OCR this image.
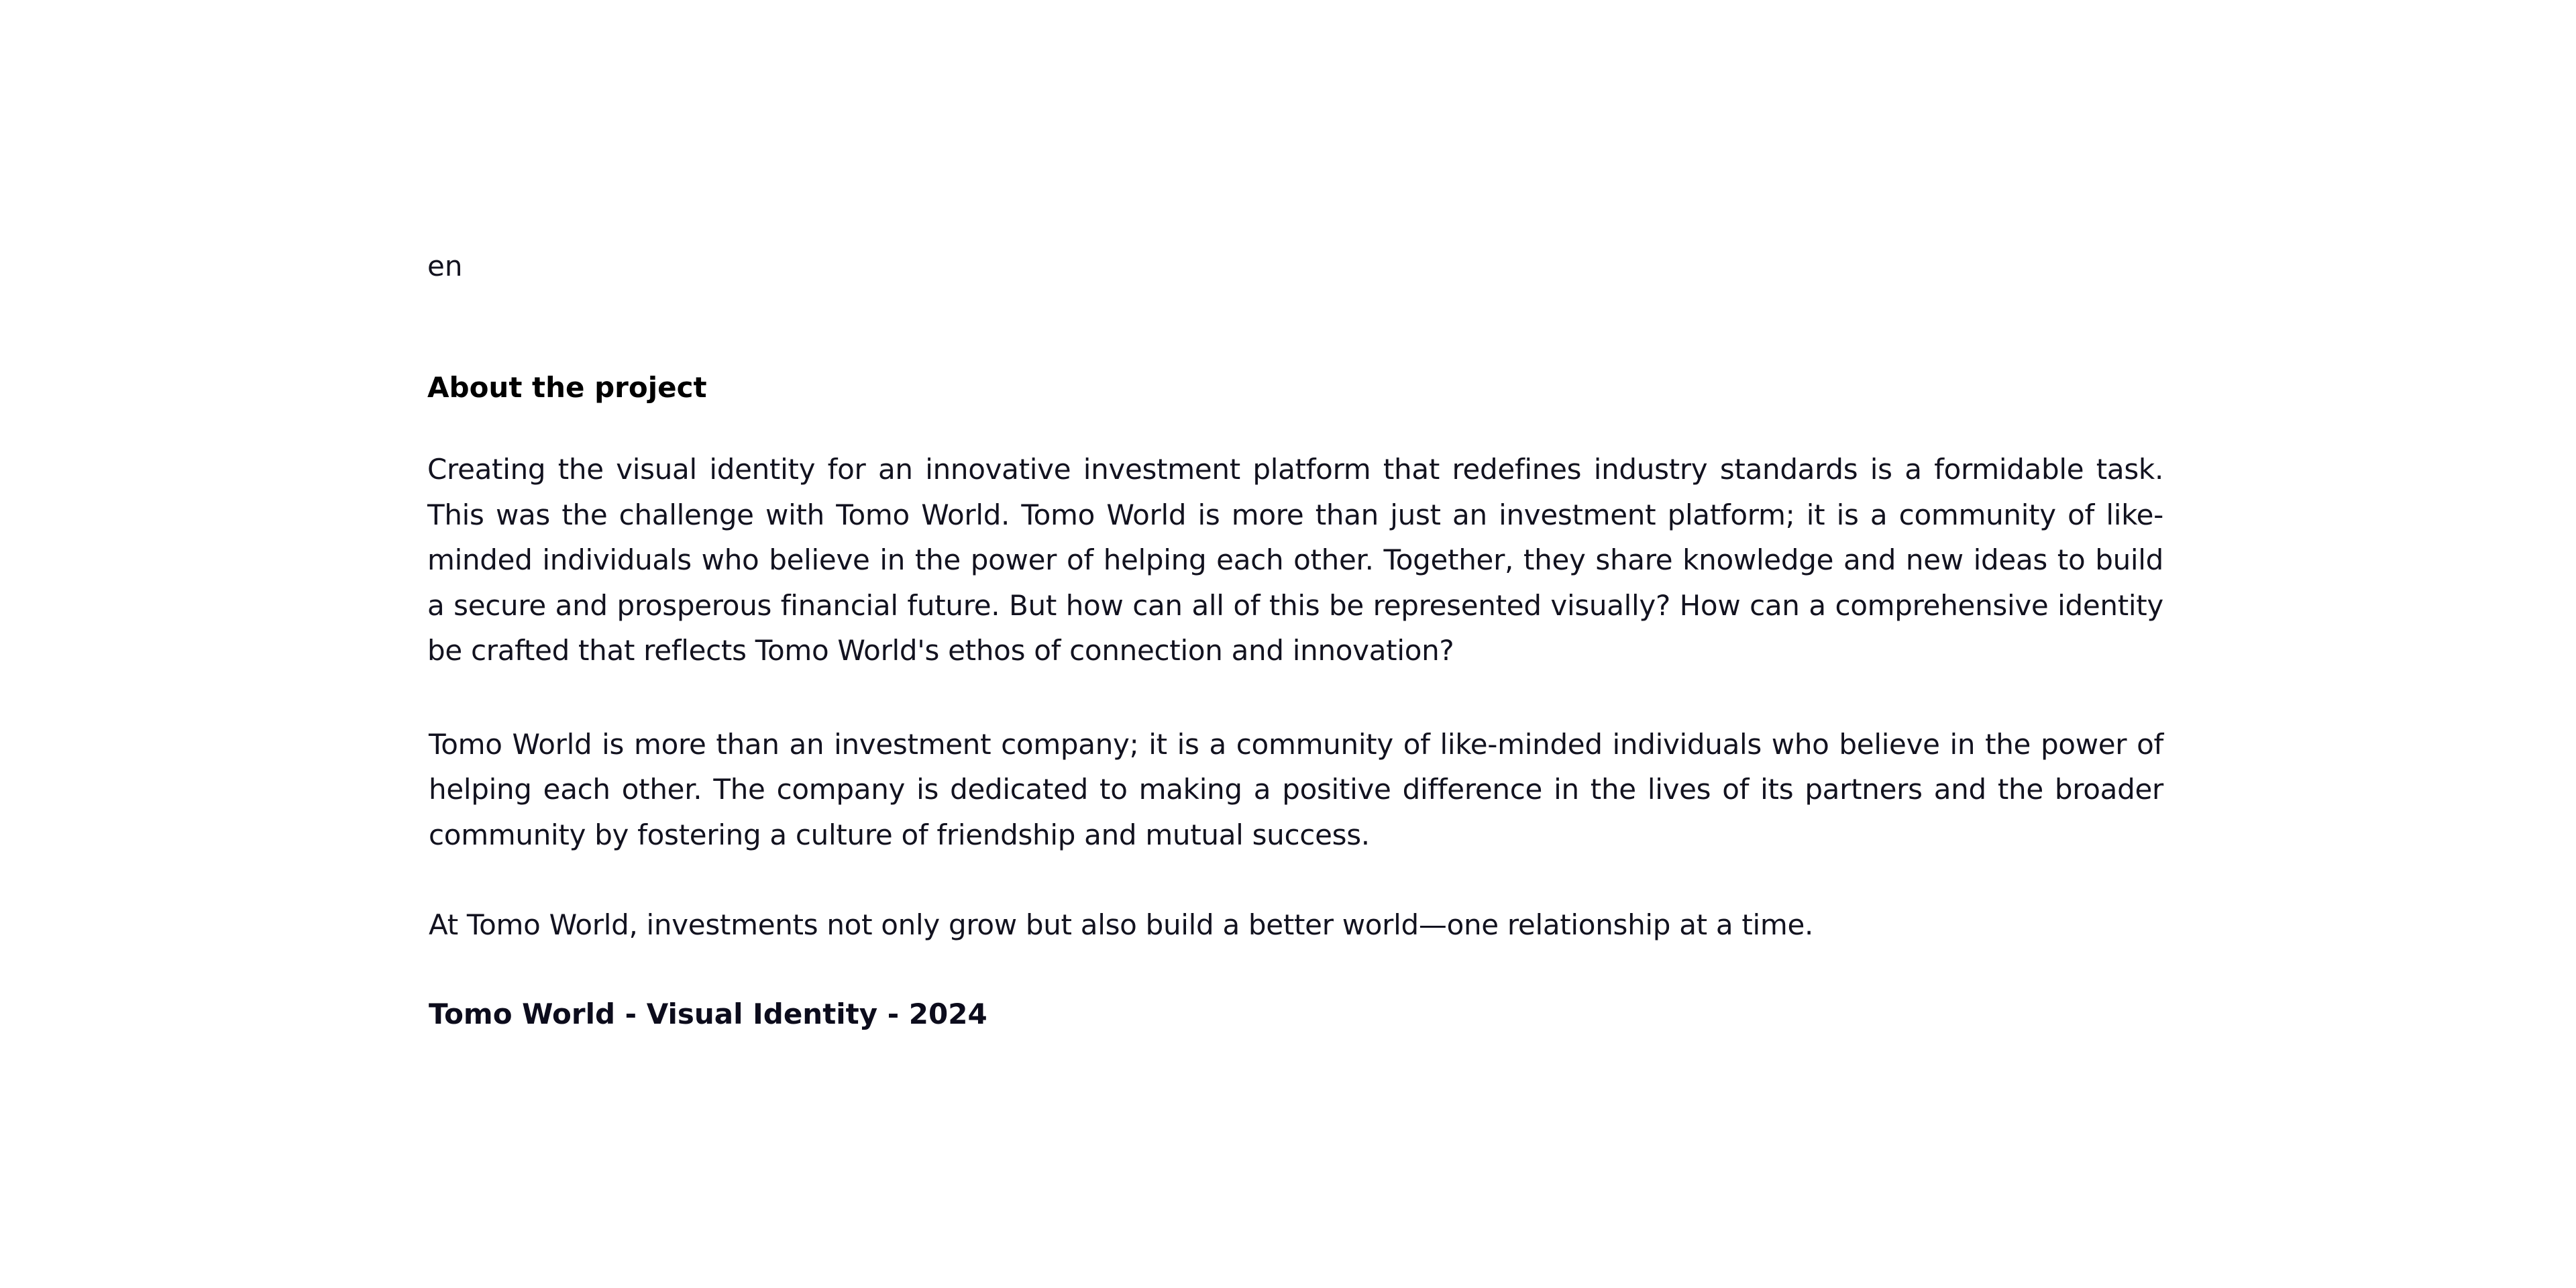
en
About the project

Creating the visual identity for an innovative investment platform that redefines industry standards is a formidable task. This was the challenge with Tomo World. Tomo World is more than just an investment platform; it is a community of like-minded individuals who believe in the power of helping each other. Together, they share knowledge and new ideas to build a secure and prosperous financial future. But how can all of this be represented visually? How can a comprehensive identity be crafted that reflects Tomo World's ethos of connection and innovation?

Tomo World is more than an investment company; it is a community of like-minded individuals who believe in the power of helping each other. The company is dedicated to making a positive difference in the lives of its partners and the broader community by fostering a culture of friendship and mutual success.

At Tomo World, investments not only grow but also build a better world—one relationship at a time.

Tomo World - Visual Identity - 2024
